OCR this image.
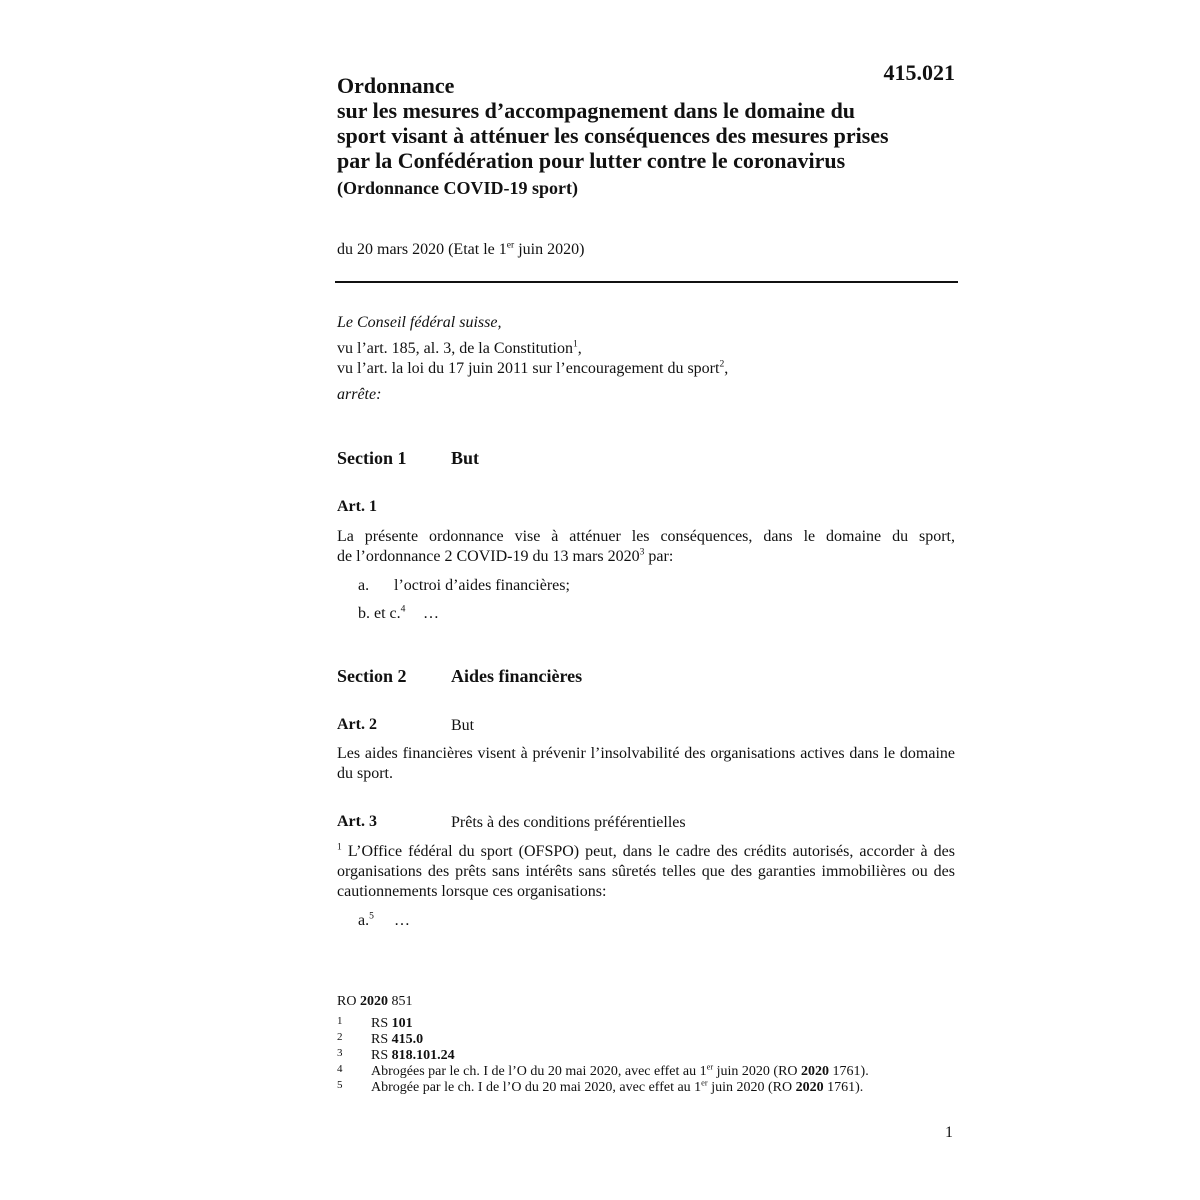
415.021
Ordonnance
sur les mesures d’accompagnement dans le domaine du
sport visant à atténuer les conséquences des mesures prises
par la Confédération pour lutter contre le coronavirus
(Ordonnance COVID-19 sport)
du 20 mars 2020 (Etat le 1er juin 2020)
Le Conseil fédéral suisse,
vu l’art. 185, al. 3, de la Constitution$^1$,
vu l’art. la loi du 17 juin 2011 sur l’encouragement du sport$^2$,
arrête:
Section 1 But
Art. 1
La présente ordonnance vise à atténuer les conséquences, dans le domaine du sport,
de l’ordonnance 2 COVID-19 du 13 mars 2020$^3$ par:
a. l’octroi d’aides financières;
b. et c.$^4$ …
Section 2 Aides financières
Art. 2	But
Les aides financières visent à prévenir l’insolvabilité des organisations actives dans le domaine du sport.
Art. 3	Prêts à des conditions préférentielles
$^1$ L’Office fédéral du sport (OFSPO) peut, dans le cadre des crédits autorisés, accorder à des organisations des prêts sans intérêts sans sûretés telles que des garanties immobilières ou des cautionnements lorsque ces organisations:
a.$^5$ …
RO 2020 851
1 RS 101
2 RS 415.0
3 RS 818.101.24
4 Abrogées par le ch. I de l’O du 20 mai 2020, avec effet au 1er juin 2020 (RO 2020 1761).
5 Abrogée par le ch. I de l’O du 20 mai 2020, avec effet au 1er juin 2020 (RO 2020 1761).
1
